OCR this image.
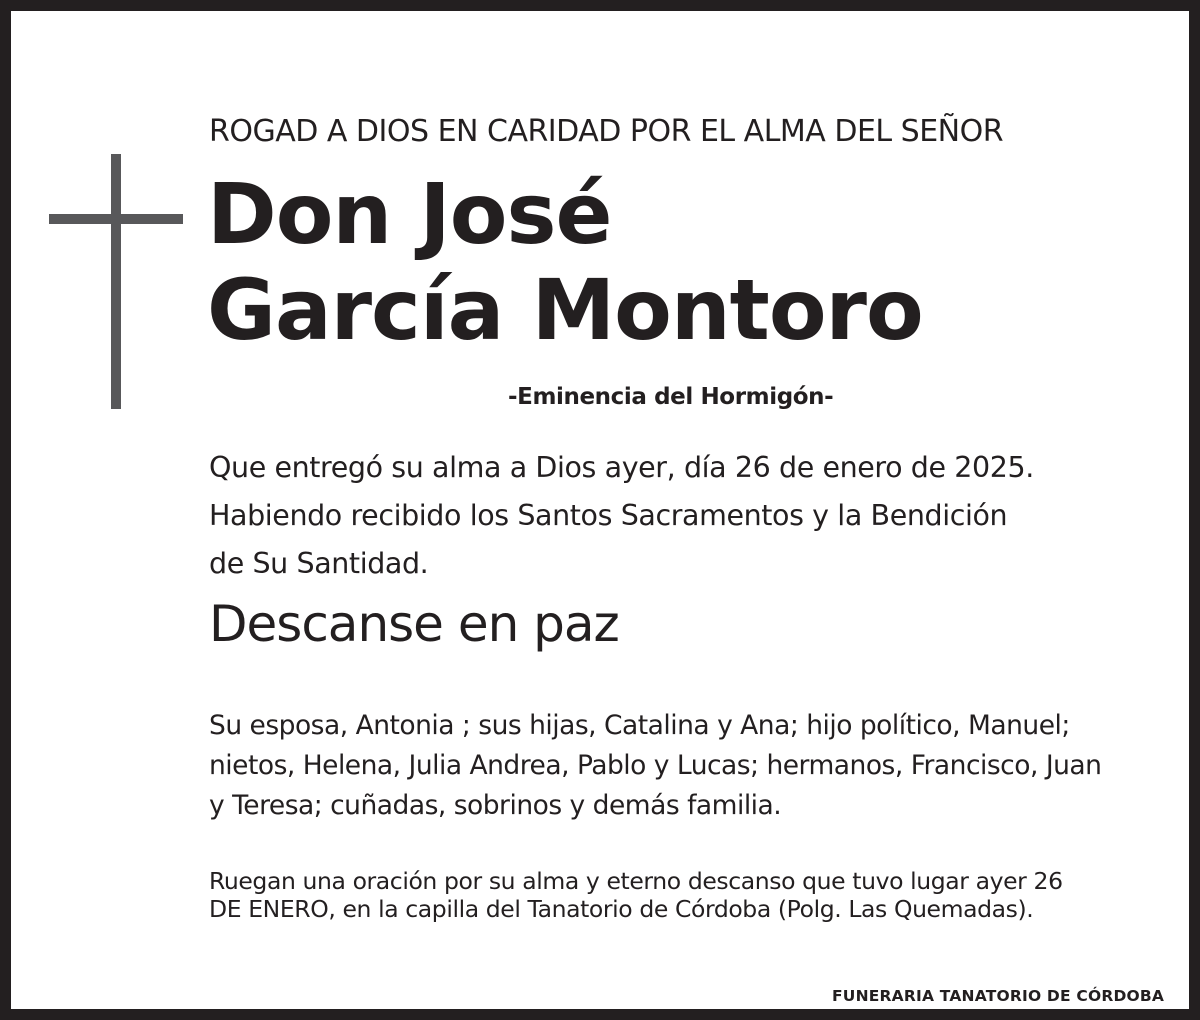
ROGAD A DIOS EN CARIDAD POR EL ALMA DEL SEÑOR
Don José
García Montoro
-Eminencia del Hormigón-
Que entregó su alma a Dios ayer, día 26 de enero de 2025.
Habiendo recibido los Santos Sacramentos y la Bendición
de Su Santidad.
Descanse en paz
Su esposa, Antonia ; sus hijas, Catalina y Ana; hijo político, Manuel;
nietos, Helena, Julia Andrea, Pablo y Lucas; hermanos, Francisco, Juan
y Teresa; cuñadas, sobrinos y demás familia.
Ruegan una oración por su alma y eterno descanso que tuvo lugar ayer 26
DE ENERO, en la capilla del Tanatorio de Córdoba (Polg. Las Quemadas).
FUNERARIA TANATORIO DE CÓRDOBA
